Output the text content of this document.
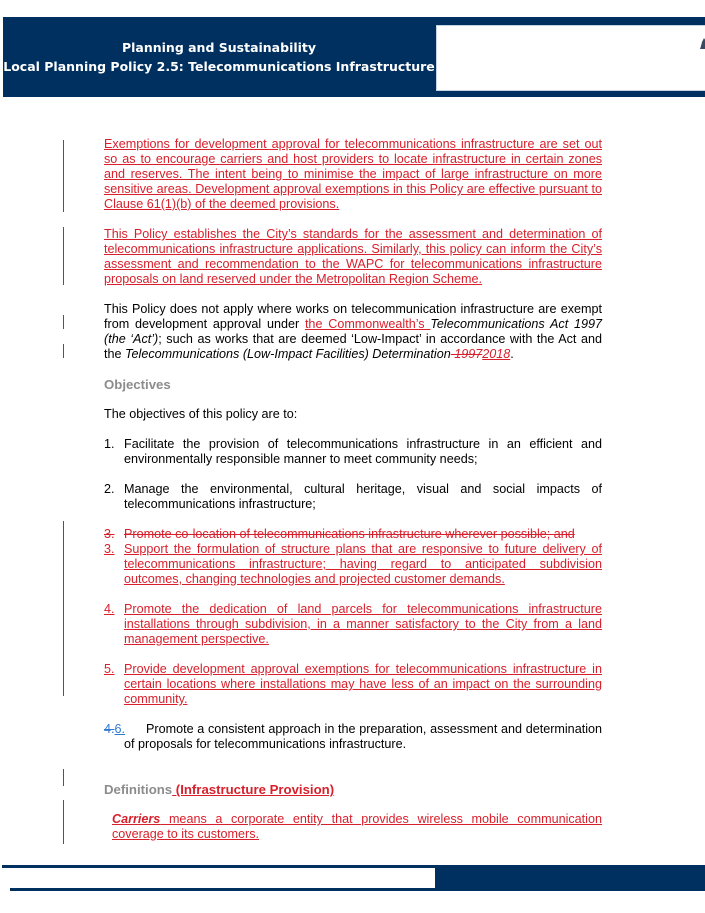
Planning and Sustainability
Local Planning Policy 2.5: Telecommunications Infrastructure

Exemptions for development approval for telecommunications infrastructure are set out so as to encourage carriers and host providers to locate infrastructure in certain zones and reserves. The intent being to minimise the impact of large infrastructure on more sensitive areas. Development approval exemptions in this Policy are effective pursuant to Clause 61(1)(b) of the deemed provisions.

This Policy establishes the City’s standards for the assessment and determination of telecommunications infrastructure applications. Similarly, this policy can inform the City’s assessment and recommendation to the WAPC for telecommunications infrastructure proposals on land reserved under the Metropolitan Region Scheme.

This Policy does not apply where works on telecommunication infrastructure are exempt from development approval under the Commonwealth’s Telecommunications Act 1997 (the ‘Act’); such as works that are deemed ‘Low-Impact’ in accordance with the Act and the Telecommunications (Low-Impact Facilities) Determination 19972018.

Objectives

The objectives of this policy are to:

1. Facilitate the provision of telecommunications infrastructure in an efficient and environmentally responsible manner to meet community needs;
2. Manage the environmental, cultural heritage, visual and social impacts of telecommunications infrastructure;
3. Promote co-location of telecommunications infrastructure wherever possible; and
3. Support the formulation of structure plans that are responsive to future delivery of telecommunications infrastructure; having regard to anticipated subdivision outcomes, changing technologies and projected customer demands.
4. Promote the dedication of land parcels for telecommunications infrastructure installations through subdivision, in a manner satisfactory to the City from a land management perspective.
5. Provide development approval exemptions for telecommunications infrastructure in certain locations where installations may have less of an impact on the surrounding community.
4.6. Promote a consistent approach in the preparation, assessment and determination of proposals for telecommunications infrastructure.
Definitions (Infrastructure Provision)

Carriers means a corporate entity that provides wireless mobile communication coverage to its customers.
